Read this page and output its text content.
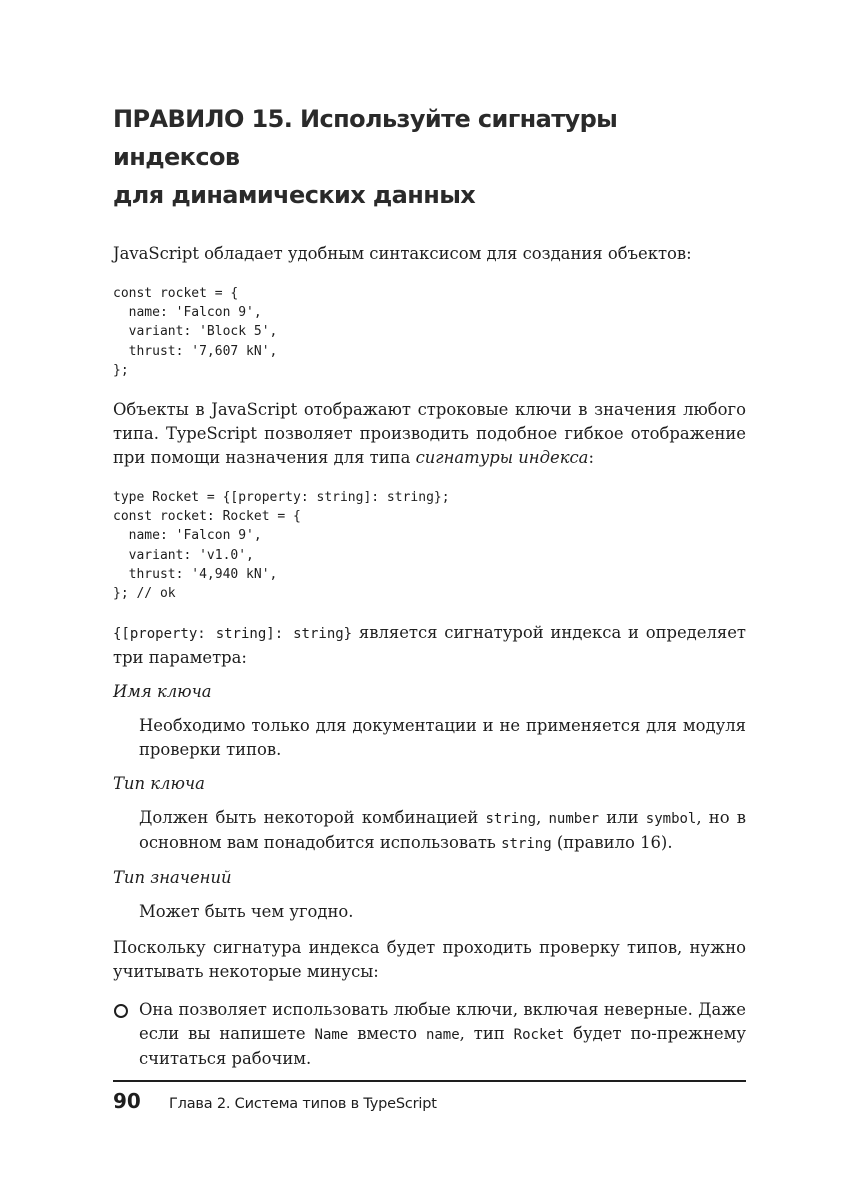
ПРАВИЛО 15. Используйте сигнатуры индексов
для динамических данных

JavaScript обладает удобным синтаксисом для создания объектов:

const rocket = {
name: 'Falcon 9',
variant: 'Block 5',
thrust: '7,607 kN',
};

Объекты в JavaScript отображают строковые ключи в значения любого типа. TypeScript позволяет производить подобное гибкое отображение при помощи назначения для типа сигнатуры индекса:

type Rocket = {[property: string]: string};
const rocket: Rocket = {
name: 'Falcon 9',
variant: 'v1.0',
thrust: '4,940 kN',
}; // ok

{[property: string]: string} является сигнатурой индекса и определяет три параметра:

Имя ключа
Необходимо только для документации и не применяется для модуля проверки типов.
Тип ключа
Должен быть некоторой комбинацией string, number или symbol, но в основном вам понадобится использовать string (правило 16).
Тип значений
Может быть чем угодно.

Поскольку сигнатура индекса будет проходить проверку типов, нужно учитывать некоторые минусы:

Она позволяет использовать любые ключи, включая неверные. Даже если вы напишете Name вместо name, тип Rocket будет по-прежнему считаться рабочим.
90	Глава 2. Система типов в TypeScript
